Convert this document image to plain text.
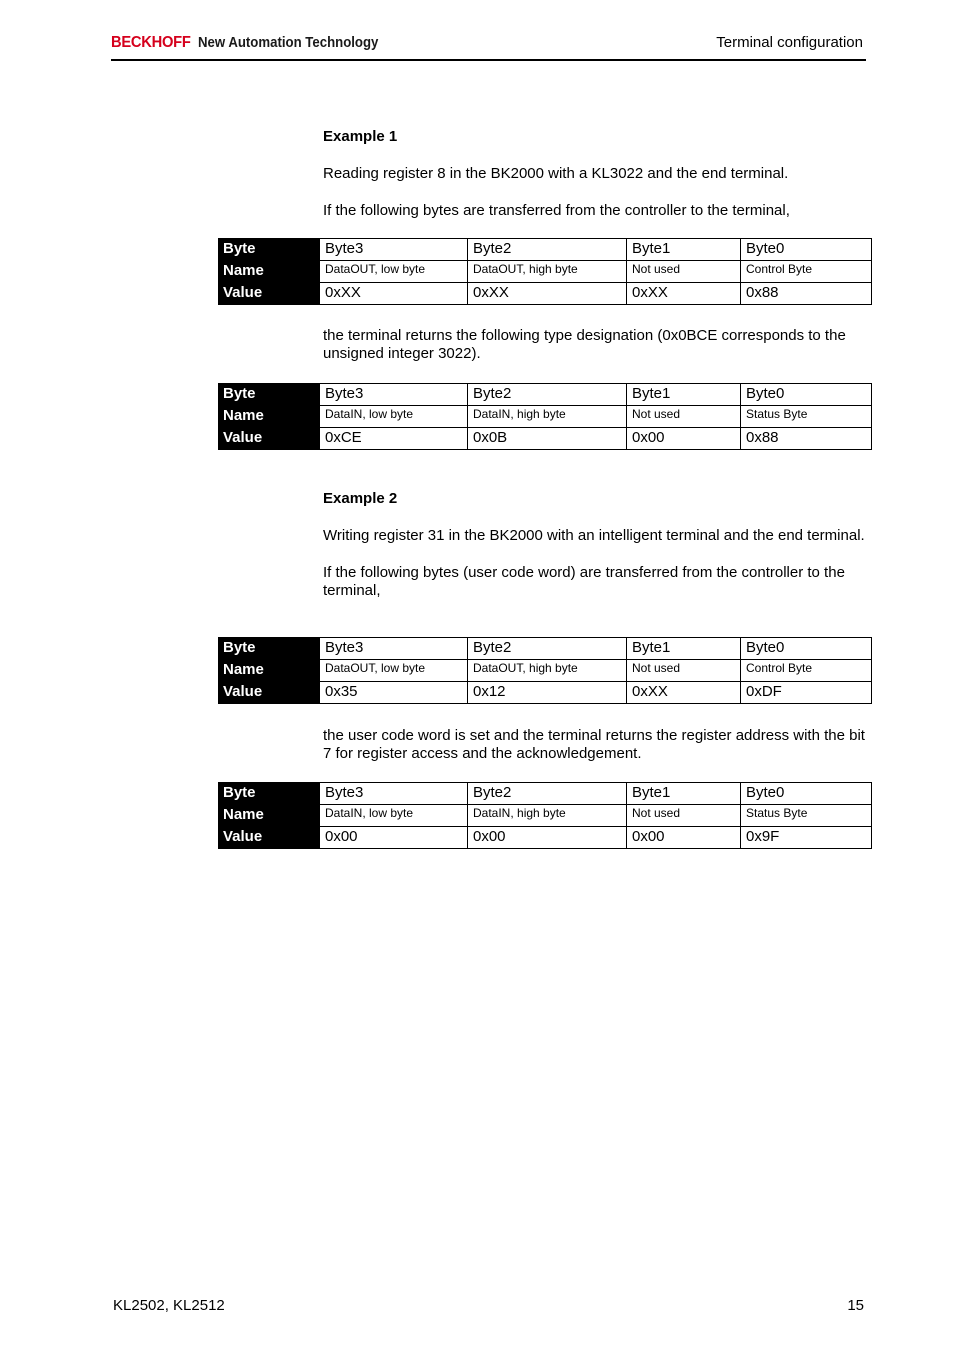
BECKHOFF New Automation Technology	Terminal configuration

Example 1

Reading register 8 in the BK2000 with a KL3022 and the end terminal.

If the following bytes are transferred from the controller to the terminal,

Byte	Byte3	Byte2	Byte1	Byte0
Name	DataOUT, low byte	DataOUT, high byte	Not used	Control Byte
Value	0xXX	0xXX	0xXX	0x88

the terminal returns the following type designation (0x0BCE corresponds to the unsigned integer 3022).

Byte	Byte3	Byte2	Byte1	Byte0
Name	DataIN, low byte	DataIN, high byte	Not used	Status Byte
Value	0xCE	0x0B	0x00	0x88

Example 2

Writing register 31 in the BK2000 with an intelligent terminal and the end terminal.

If the following bytes (user code word) are transferred from the controller to the terminal,

Byte	Byte3	Byte2	Byte1	Byte0
Name	DataOUT, low byte	DataOUT, high byte	Not used	Control Byte
Value	0x35	0x12	0xXX	0xDF

the user code word is set and the terminal returns the register address with the bit 7 for register access and the acknowledgement.

Byte	Byte3	Byte2	Byte1	Byte0
Name	DataIN, low byte	DataIN, high byte	Not used	Status Byte
Value	0x00	0x00	0x00	0x9F
KL2502, KL2512	15
